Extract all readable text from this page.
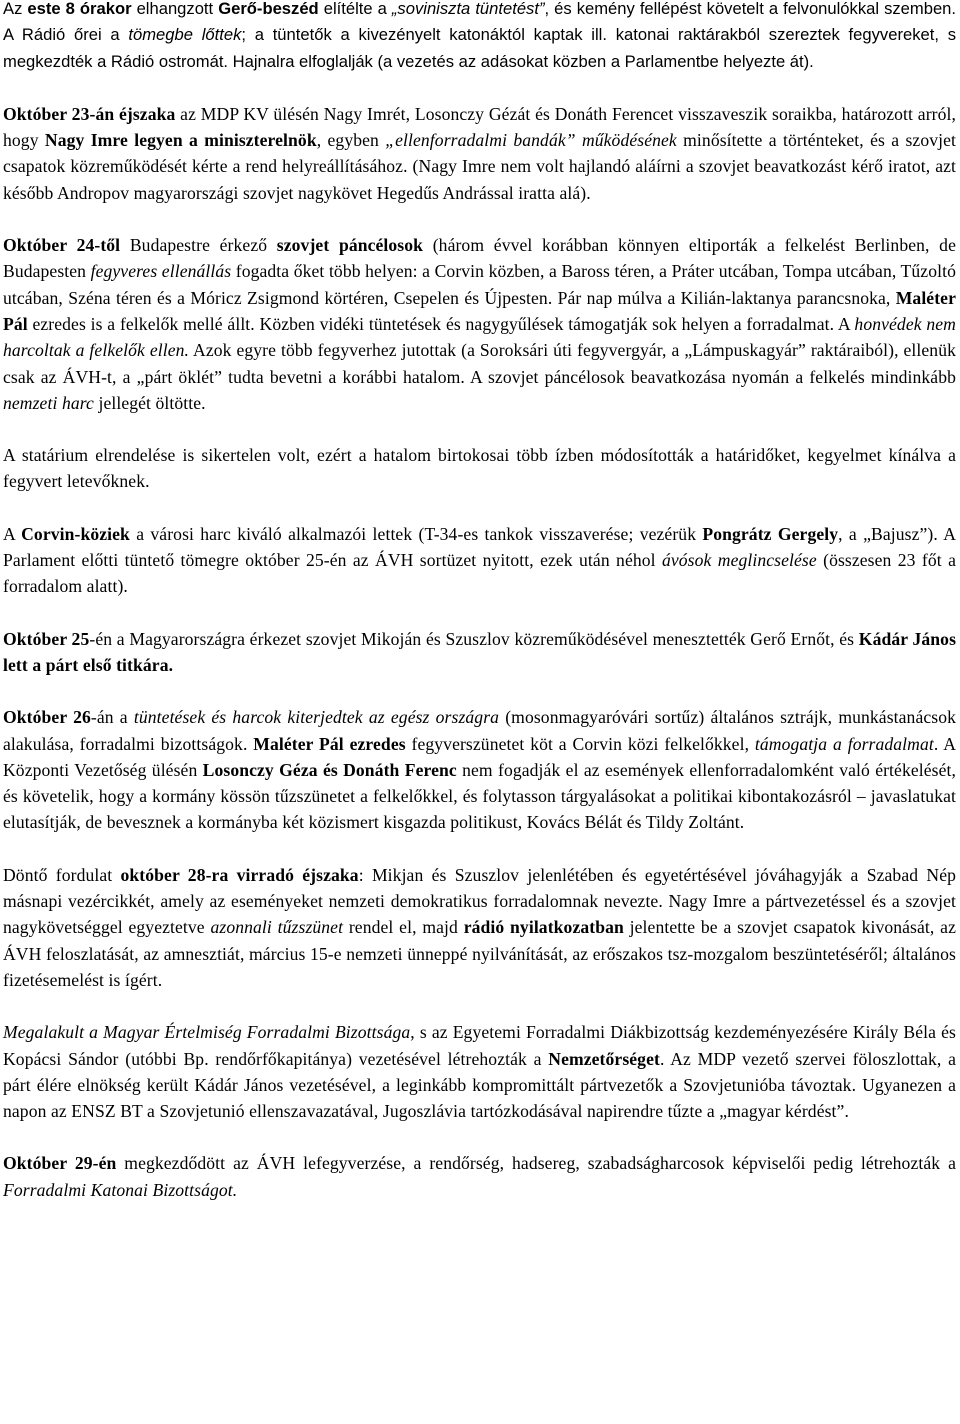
Az este 8 órakor elhangzott Gerő-beszéd elítélte a „soviniszta tüntetést”, és kemény fellépést követelt a felvonulókkal szemben. A Rádió őrei a tömegbe lőttek; a tüntetők a kivezényelt katonáktól kaptak ill. katonai raktárakból szereztek fegyvereket, s megkezdték a Rádió ostromát. Hajnalra elfoglalják (a vezetés az adásokat közben a Parlamentbe helyezte át).

Október 23-án éjszaka az MDP KV ülésén Nagy Imrét, Losonczy Gézát és Donáth Ferencet visszaveszik soraikba, határozott arról, hogy Nagy Imre legyen a miniszterelnök, egyben „ellenforradalmi bandák” működésének minősítette a történteket, és a szovjet csapatok közreműködését kérte a rend helyreállításához. (Nagy Imre nem volt hajlandó aláírni a szovjet beavatkozást kérő iratot, azt később Andropov magyarországi szovjet nagykövet Hegedűs Andrással iratta alá).

Október 24-től Budapestre érkező szovjet páncélosok (három évvel korábban könnyen eltiporták a felkelést Berlinben, de Budapesten fegyveres ellenállás fogadta őket több helyen: a Corvin közben, a Baross téren, a Práter utcában, Tompa utcában, Tűzoltó utcában, Széna téren és a Móricz Zsigmond körtéren, Csepelen és Újpesten. Pár nap múlva a Kilián-laktanya parancsnoka, Maléter Pál ezredes is a felkelők mellé állt. Közben vidéki tüntetések és nagygyűlések támogatják sok helyen a forradalmat. A honvédek nem harcoltak a felkelők ellen. Azok egyre több fegyverhez jutottak (a Soroksári úti fegyvergyár, a „Lámpuskagyár” raktáraiból), ellenük csak az ÁVH-t, a „párt öklét” tudta bevetni a korábbi hatalom. A szovjet páncélosok beavatkozása nyomán a felkelés mindinkább nemzeti harc jellegét öltötte.

A statárium elrendelése is sikertelen volt, ezért a hatalom birtokosai több ízben módosították a határidőket, kegyelmet kínálva a fegyvert letevőknek.

A Corvin-köziek a városi harc kiváló alkalmazói lettek (T-34-es tankok visszaverése; vezérük Pongrátz Gergely, a „Bajusz”). A Parlament előtti tüntető tömegre október 25-én az ÁVH sortüzet nyitott, ezek után néhol ávósok meglincselése (összesen 23 főt a forradalom alatt).

Október 25-én a Magyarországra érkezet szovjet Mikoján és Szuszlov közreműködésével menesztették Gerő Ernőt, és Kádár János lett a párt első titkára.

Október 26-án a tüntetések és harcok kiterjedtek az egész országra (mosonmagyaróvári sortűz) általános sztrájk, munkástanácsok alakulása, forradalmi bizottságok. Maléter Pál ezredes fegyverszünetet köt a Corvin közi felkelőkkel, támogatja a forradalmat. A Központi Vezetőség ülésén Losonczy Géza és Donáth Ferenc nem fogadják el az események ellenforradalomként való értékelését, és követelik, hogy a kormány kössön tűzszünetet a felkelőkkel, és folytasson tárgyalásokat a politikai kibontakozásról – javaslatukat elutasítják, de bevesznek a kormányba két közismert kisgazda politikust, Kovács Bélát és Tildy Zoltánt.

Döntő fordulat október 28-ra virradó éjszaka: Mikjan és Szuszlov jelenlétében és egyetértésével jóváhagyják a Szabad Nép másnapi vezércikkét, amely az eseményeket nemzeti demokratikus forradalomnak nevezte. Nagy Imre a pártvezetéssel és a szovjet nagykövetséggel egyeztetve azonnali tűzszünet rendel el, majd rádió nyilatkozatban jelentette be a szovjet csapatok kivonását, az ÁVH feloszlatását, az amnesztiát, március 15-e nemzeti ünneppé nyilvánítását, az erőszakos tsz-mozgalom beszüntetéséről; általános fizetésemelést is ígért.

Megalakult a Magyar Értelmiség Forradalmi Bizottsága, s az Egyetemi Forradalmi Diákbizottság kezdeményezésére Király Béla és Kopácsi Sándor (utóbbi Bp. rendőrfőkapitánya) vezetésével létrehozták a Nemzetőrséget. Az MDP vezető szervei föloszlottak, a párt élére elnökség került Kádár János vezetésével, a leginkább kompromittált pártvezetők a Szovjetunióba távoztak. Ugyanezen a napon az ENSZ BT a Szovjetunió ellenszavazatával, Jugoszlávia tartózkodásával napirendre tűzte a „magyar kérdést”.

Október 29-én megkezdődött az ÁVH lefegyverzése, a rendőrség, hadsereg, szabadságharcosok képviselői pedig létrehozták a Forradalmi Katonai Bizottságot.
